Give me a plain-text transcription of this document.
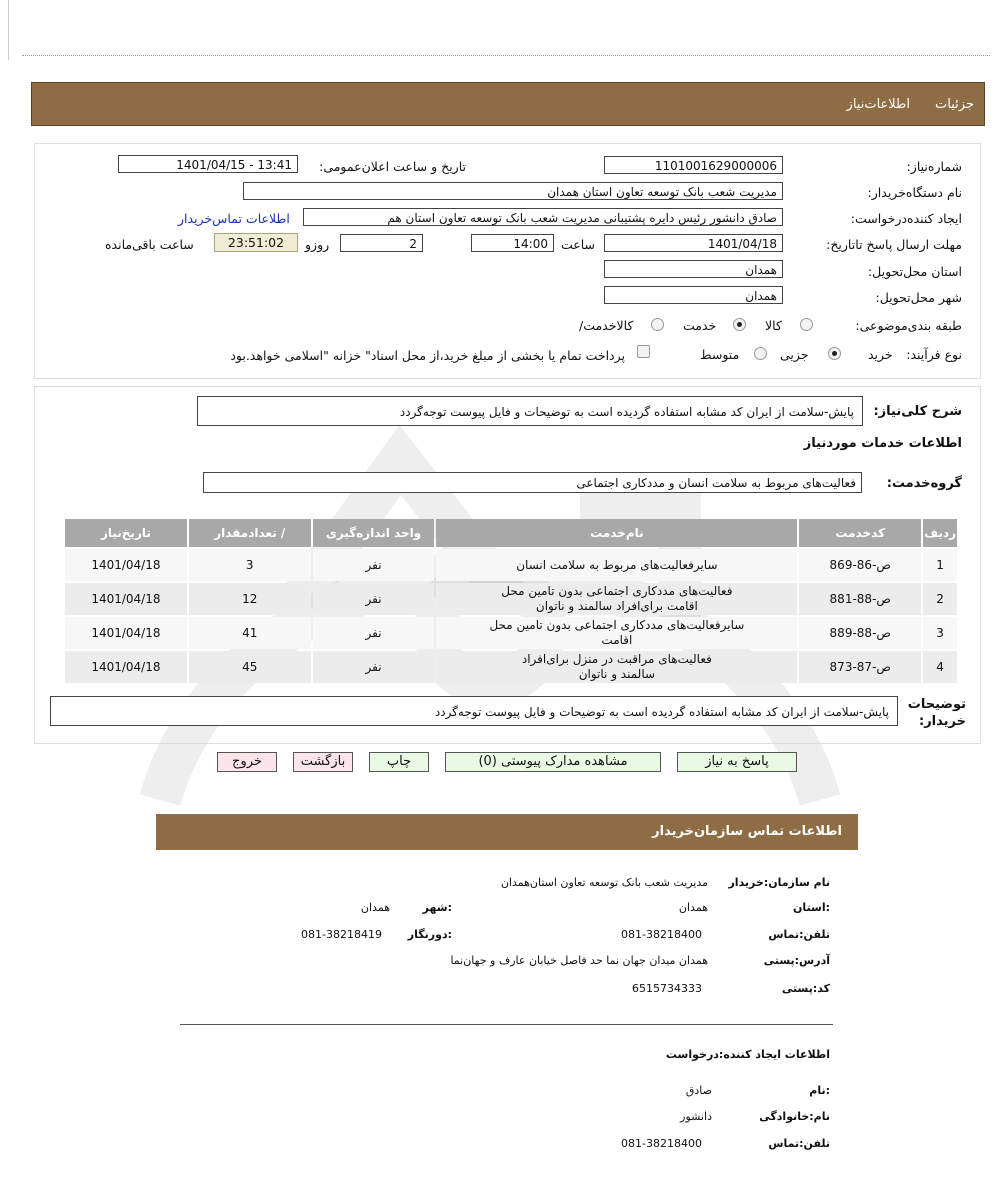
جزئیات
اطلاعات‌نیاز
شماره‌نیاز:
1101001629000006
تاریخ و ساعت اعلان‌عمومی:
1401/04/15 - 13:41
نام دستگاه‌خریدار:
مدیریت شعب بانک توسعه تعاون استان همدان
ایجاد کننده‌درخواست:
صادق دانشور رئیس دایره پشتیبانی مدیریت شعب بانک توسعه تعاون استان هم
اطلاعات تماس‌خریدار
مهلت ارسال پاسخ تا‌تاریخ:
1401/04/18
ساعت
14:00
2
روزو
23:51:02
ساعت باقی‌مانده
استان محل‌تحویل:
همدان
شهر محل‌تحویل:
همدان
طبقه بندی‌موضوعی:
کالا
خدمت
کالا‌خدمت/
نوع فرآیند:
خرید
جزیی
متوسط
پرداخت تمام یا بخشی از مبلغ خرید،از محل اسناد" خزانه "اسلامی خواهد.بود
شرح کلی‌نیاز:
پایش-سلامت از ایران کد مشابه استفاده گردیده است به توضیحات و فایل پیوست توجه‌گردد
اطلاعات خدمات موردنیاز
گروه‌خدمت:
فعالیت‌های مربوط به سلامت انسان و مددکاری اجتماعی
ردیف	کدخدمت	نام‌خدمت	واحد اندازه‌گیری	/ تعدادمقدار	تاریخ‌نیاز
1	ص-86-869	سایرفعالیت‌های مربوط به سلامت انسان	نفر	3	1401/04/18
2	ص-88-881	فعالیت‌های مددکاری اجتماعی بدون تامین محل
اقامت برای‌افراد سالمند و ناتوان	نفر	12	1401/04/18
3	ص-88-889	سایرفعالیت‌های مددکاری اجتماعی بدون تامین محل
اقامت	نفر	41	1401/04/18
4	ص-87-873	فعالیت‌های مراقبت در منزل برای‌افراد
سالمند و ناتوان	نفر	45	1401/04/18
توضیحات
خریدار:
پایش-سلامت از ایران کد مشابه استفاده گردیده است به توضیحات و فایل پیوست توجه‌گردد
پاسخ به نیاز
مشاهده مدارک پیوستی (0)
چاپ
بازگشت
خروج
اطلاعات تماس سازمان‌خریدار
نام سازمان‌:خریدار
مدیریت شعب بانک توسعه تعاون استان‌همدان
:استان
همدان
:شهر
همدان
تلفن‌:تماس
081-38218400
:دورنگار
081-38218419
آدرس‌:پستی
همدان میدان جهان نما حد فاصل خیابان عارف و جهان‌نما
کد‌:پستی
6515734333
اطلاعات ایجاد کننده‌:درخواست
:نام
صادق
نام‌:خانوادگی
دانشور
تلفن‌:تماس
081-38218400
